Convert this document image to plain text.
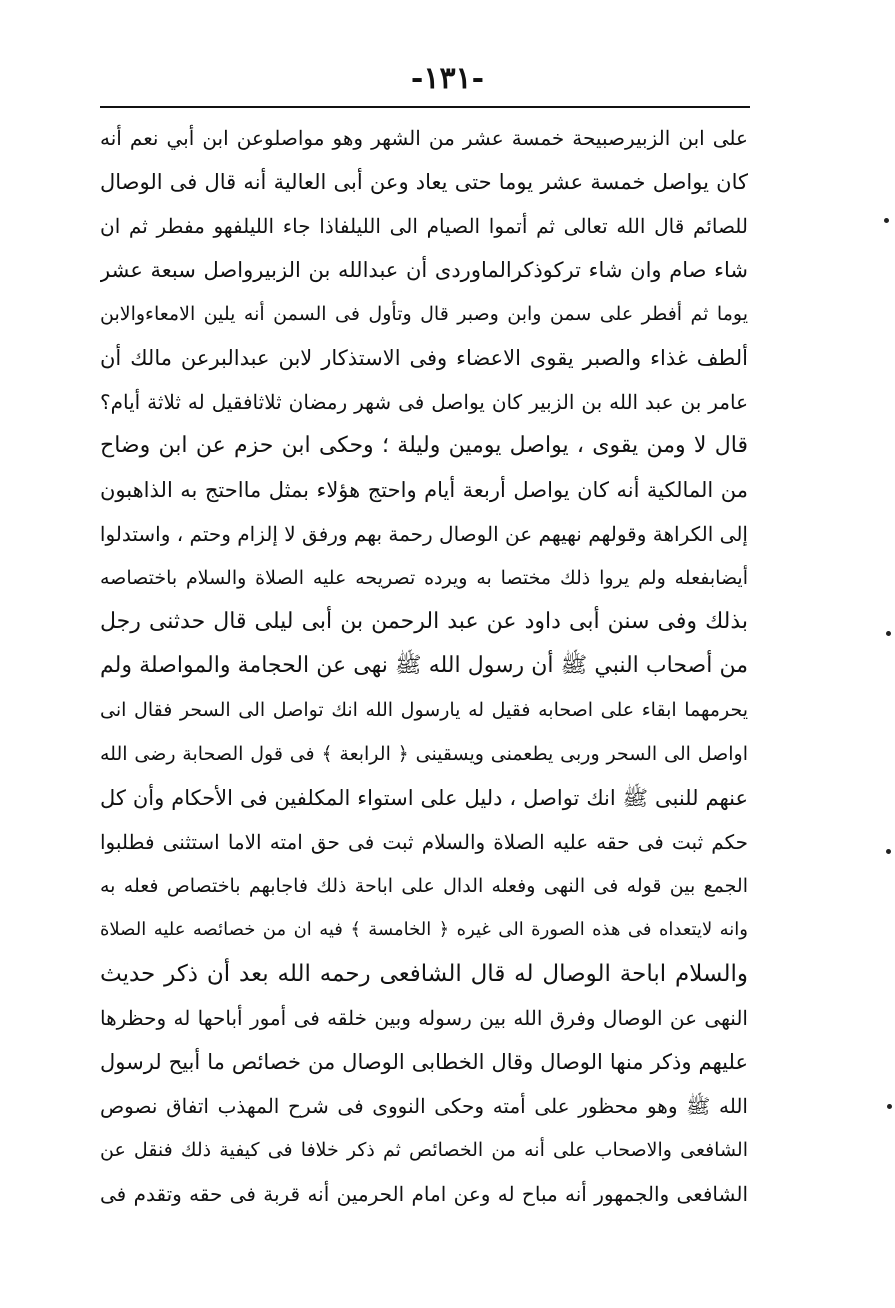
-١٣١-
على ابن الزبيرصبيحة خمسة عشر من الشهر وهو مواصلوعن ابن أبي نعم أنه
كان يواصل خمسة عشر يوما حتى يعاد وعن أبى العالية أنه قال فى الوصال
للصائم قال الله تعالى ثم أتموا الصيام الى الليلفاذا جاء الليلفهو مفطر ثم ان
شاء صام وان شاء تركوذكرالماوردى أن عبدالله بن الزبيرواصل سبعة عشر
يوما ثم أفطر على سمن وابن وصبر قال وتأول فى السمن أنه يلين الامعاءوالابن
ألطف غذاء والصبر يقوى الاعضاء وفى الاستذكار لابن عبدالبرعن مالك أن
عامر بن عبد الله بن الزبير كان يواصل فى شهر رمضان ثلاثافقيل له ثلاثة أيام؟
قال لا ومن يقوى ، يواصل يومين وليلة ؛ وحكى ابن حزم عن ابن وضاح
من المالكية أنه كان يواصل أربعة أيام واحتج هؤلاء بمثل مااحتج به الذاهبون
إلى الكراهة وقولهم نهيهم عن الوصال رحمة بهم ورفق لا إلزام وحتم ، واستدلوا
أيضابفعله ولم يروا ذلك مختصا به ويرده تصريحه عليه الصلاة والسلام باختصاصه
بذلك وفى سنن أبى داود عن عبد الرحمن بن أبى ليلى قال حدثنى رجل
من أصحاب النبي ﷺ أن رسول الله ﷺ نهى عن الحجامة والمواصلة ولم
يحرمهما ابقاء على اصحابه فقيل له يارسول الله انك تواصل الى السحر فقال انى
اواصل الى السحر وربى يطعمنى ويسقينى ﴿ الرابعة ﴾ فى قول الصحابة رضى الله
عنهم للنبى ﷺ انك تواصل ، دليل على استواء المكلفين فى الأحكام وأن كل
حكم ثبت فى حقه عليه الصلاة والسلام ثبت فى حق امته الاما استثنى فطلبوا
الجمع بين قوله فى النهى وفعله الدال على اباحة ذلك فاجابهم باختصاص فعله به
وانه لايتعداه فى هذه الصورة الى غيره ﴿ الخامسة ﴾ فيه ان من خصائصه عليه الصلاة
والسلام اباحة الوصال له قال الشافعى رحمه الله بعد أن ذكر حديث
النهى عن الوصال وفرق الله بين رسوله وبين خلقه فى أمور أباحها له وحظرها
عليهم وذكر منها الوصال وقال الخطابى الوصال من خصائص ما أبيح لرسول
الله ﷺ وهو محظور على أمته وحكى النووى فى شرح المهذب اتفاق نصوص
الشافعى والاصحاب على أنه من الخصائص ثم ذكر خلافا فى كيفية ذلك فنقل عن
الشافعى والجمهور أنه مباح له وعن امام الحرمين أنه قربة فى حقه وتقدم فى
